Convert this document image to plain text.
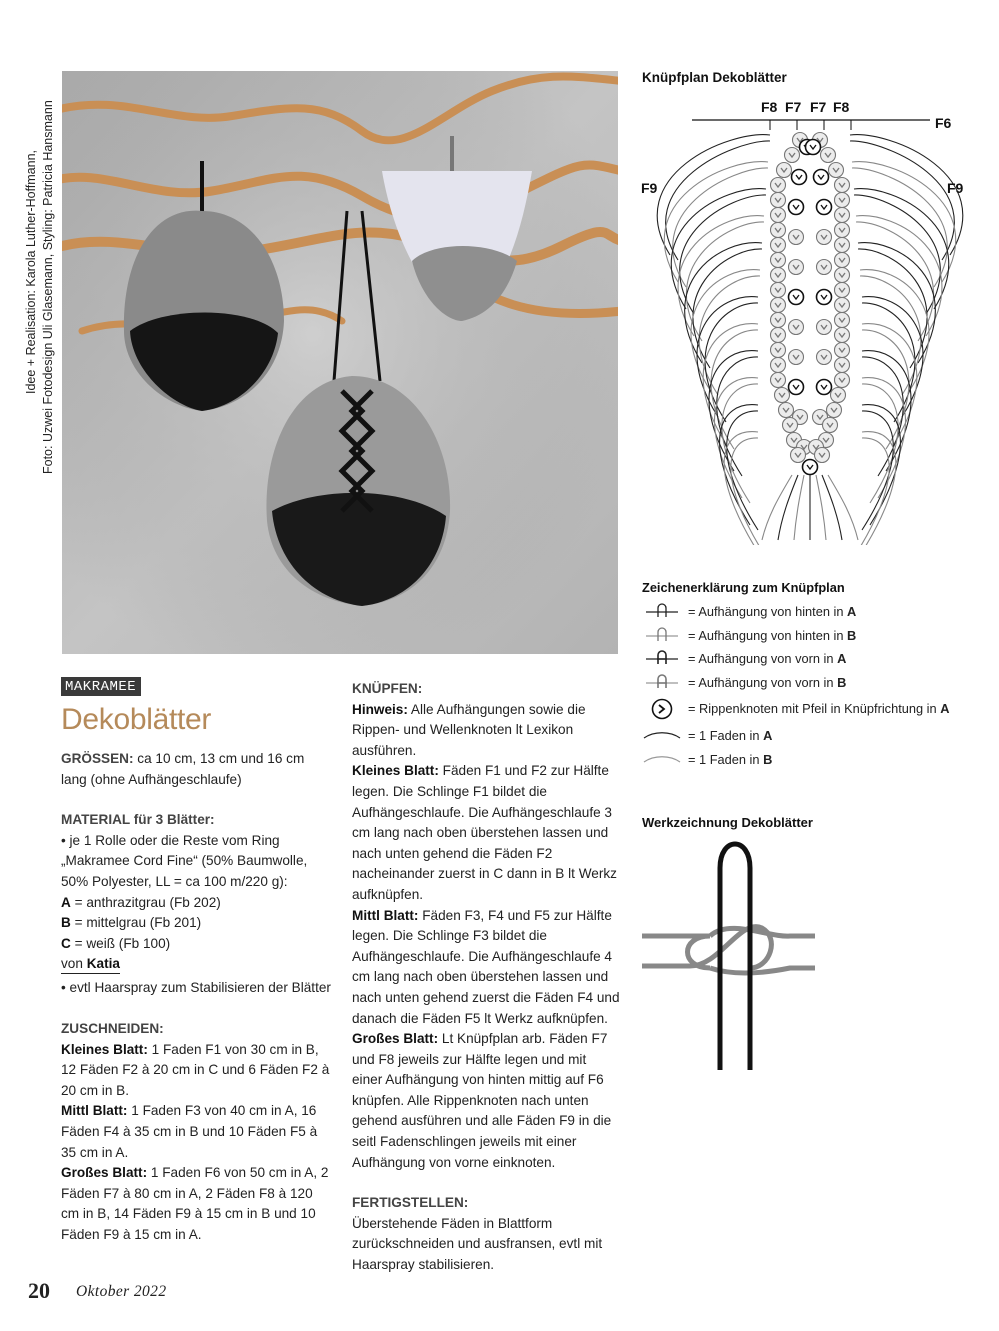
Idee + Realisation: Karola Luther-Hoffmann, Foto: Uzwei Fotodesign Uli Glasemann, Styling: Patricia Hansmann
MAKRAMEE
Dekoblätter

GRÖSSEN: ca 10 cm, 13 cm und 16 cm lang (ohne Aufhängeschlaufe)

MATERIAL für 3 Blätter:

• je 1 Rolle oder die Reste vom Ring

„Makramee Cord Fine“ (50% Baumwolle,

50% Polyester, LL = ca 100 m/220 g):

A = anthrazitgrau (Fb 202)

B = mittelgrau (Fb 201)

C = weiß (Fb 100)

von Katia

• evtl Haarspray zum Stabilisieren der Blätter

ZUSCHNEIDEN:

Kleines Blatt: 1 Faden F1 von 30 cm in B, 12 Fäden F2 à 20 cm in C und 6 Fäden F2 à 20 cm in B.

Mittl Blatt: 1 Faden F3 von 40 cm in A, 16 Fäden F4 à 35 cm in B und 10 Fäden F5 à 35 cm in A.

Großes Blatt: 1 Faden F6 von 50 cm in A, 2 Fäden F7 à 80 cm in A, 2 Fäden F8 à 120 cm in B, 14 Fäden F9 à 15 cm in B und 10 Fäden F9 à 15 cm in A.

KNÜPFEN:

Hinweis: Alle Aufhängungen sowie die Rippen- und Wellenknoten lt Lexikon ausführen.

Kleines Blatt: Fäden F1 und F2 zur Hälfte legen. Die Schlinge F1 bildet die Aufhängeschlaufe. Die Aufhängeschlaufe 3 cm lang nach oben überstehen lassen und nach unten gehend die Fäden F2 nacheinander zuerst in C dann in B lt Werkz aufknüpfen.

Mittl Blatt: Fäden F3, F4 und F5 zur Hälfte legen. Die Schlinge F3 bildet die Aufhängeschlaufe. Die Aufhängeschlaufe 4 cm lang nach oben überstehen lassen und nach unten gehend zuerst die Fäden F4 und danach die Fäden F5 lt Werkz aufknüpfen.

Großes Blatt: Lt Knüpfplan arb. Fäden F7 und F8 jeweils zur Hälfte legen und mit einer Aufhängung von hinten mittig auf F6 knüpfen. Alle Rippenknoten nach unten gehend ausführen und alle Fäden F9 in die seitl Fadenschlingen jeweils mit einer Aufhängung von vorne einknoten.

FERTIGSTELLEN:

Überstehende Fäden in Blattform zurückschneiden und ausfransen, evtl mit Haarspray stabilisieren.

Knüpfplan Dekoblätter
F8 F7 F7 F8
F6
F9	F9
Zeichenerklärung zum Knüpfplan
= Aufhängung von hinten in A
= Aufhängung von hinten in B
= Aufhängung von vorn in A
= Aufhängung von vorn in B
= Rippenknoten mit Pfeil in Knüpfrichtung in A
= 1 Faden in A
= 1 Faden in B
Werkzeichnung Dekoblätter
20 Oktober 2022
